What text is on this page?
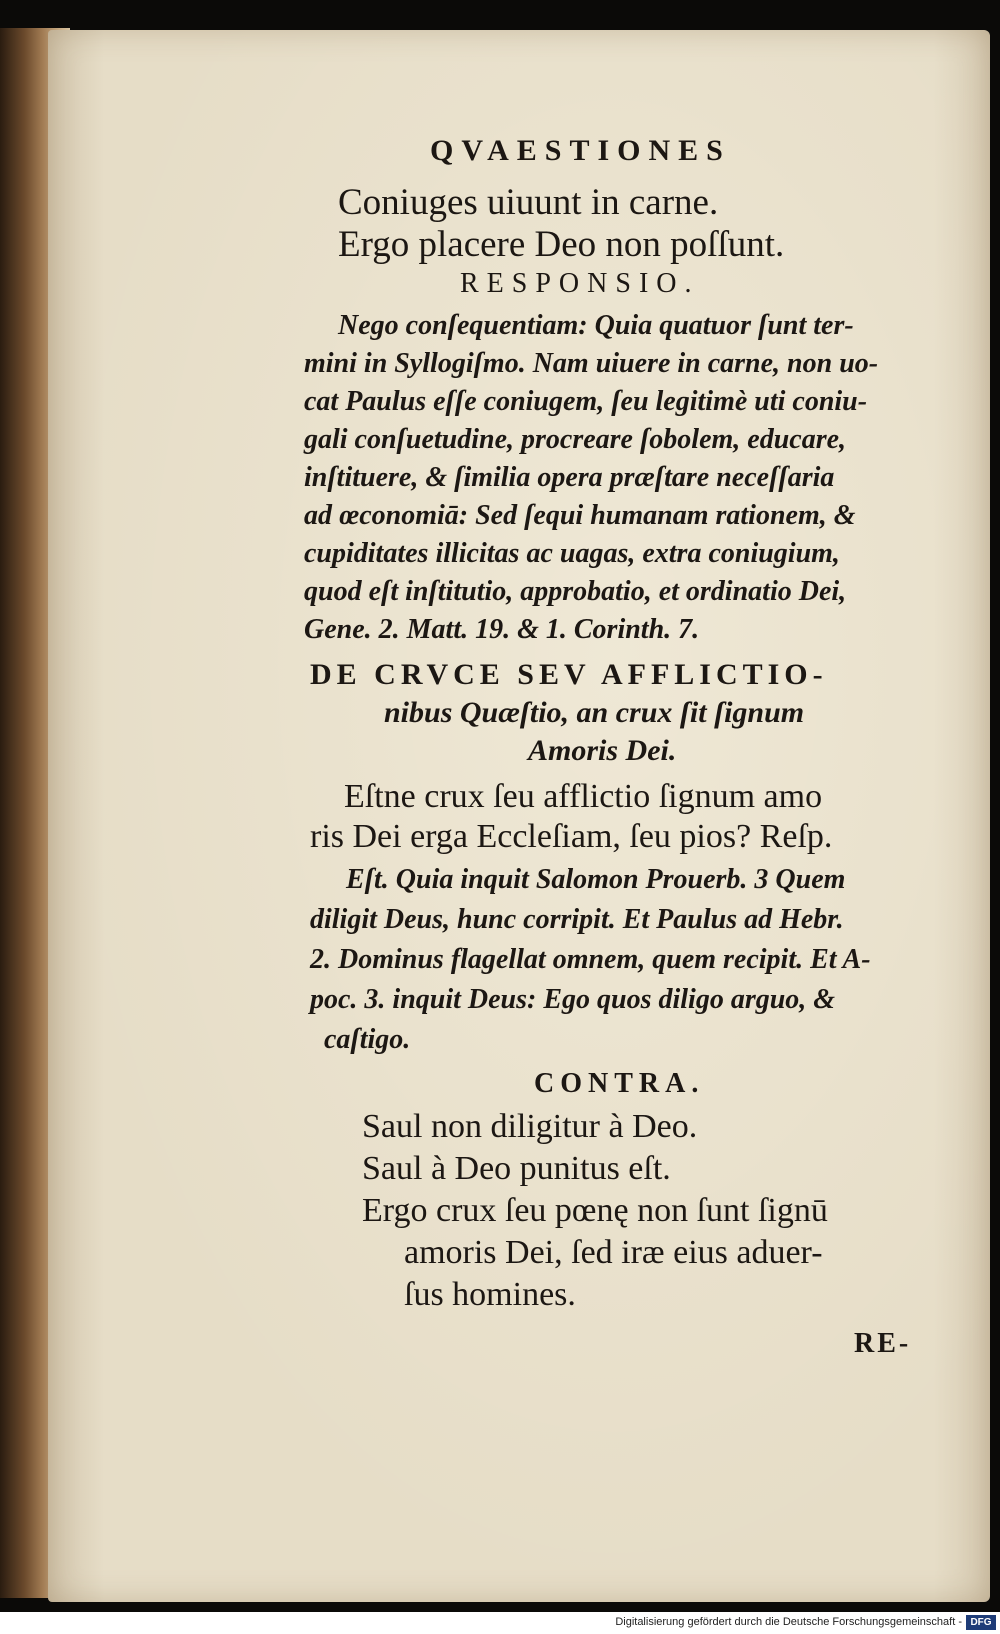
QVAESTIONES

Coniuges uiuunt in carne.

Ergo placere Deo non poſſunt.

RESPONSIO.

Nego conſequentiam: Quia quatuor ſunt ter-

mini in Syllogiſmo. Nam uiuere in carne, non uo-

cat Paulus eſſe coniugem, ſeu legitimè uti coniu-

gali conſuetudine, procreare ſobolem, educare,

inſtituere, & ſimilia opera præſtare neceſſaria

ad œconomiā: Sed ſequi humanam rationem, &

cupiditates illicitas ac uagas, extra coniugium,

quod eſt inſtitutio, approbatio, et ordinatio Dei,

Gene. 2. Matt. 19. & 1. Corinth. 7.

DE CRVCE SEV AFFLICTIO-

nibus Quæſtio, an crux ſit ſignum

Amoris Dei.

Eſtne crux ſeu afflictio ſignum amo

ris Dei erga Eccleſiam, ſeu pios? Reſp.

Eſt. Quia inquit Salomon Prouerb. 3 Quem

diligit Deus, hunc corripit. Et Paulus ad Hebr.

2. Dominus flagellat omnem, quem recipit. Et A-

poc. 3. inquit Deus: Ego quos diligo arguo, &

caſtigo.

CONTRA.

Saul non diligitur à Deo.

Saul à Deo punitus eſt.

Ergo crux ſeu pœnę non ſunt ſignū

amoris Dei, ſed iræ eius aduer-

ſus homines.

RE-

Digitalisierung gefördert durch die Deutsche Forschungsgemeinschaft - DFG
